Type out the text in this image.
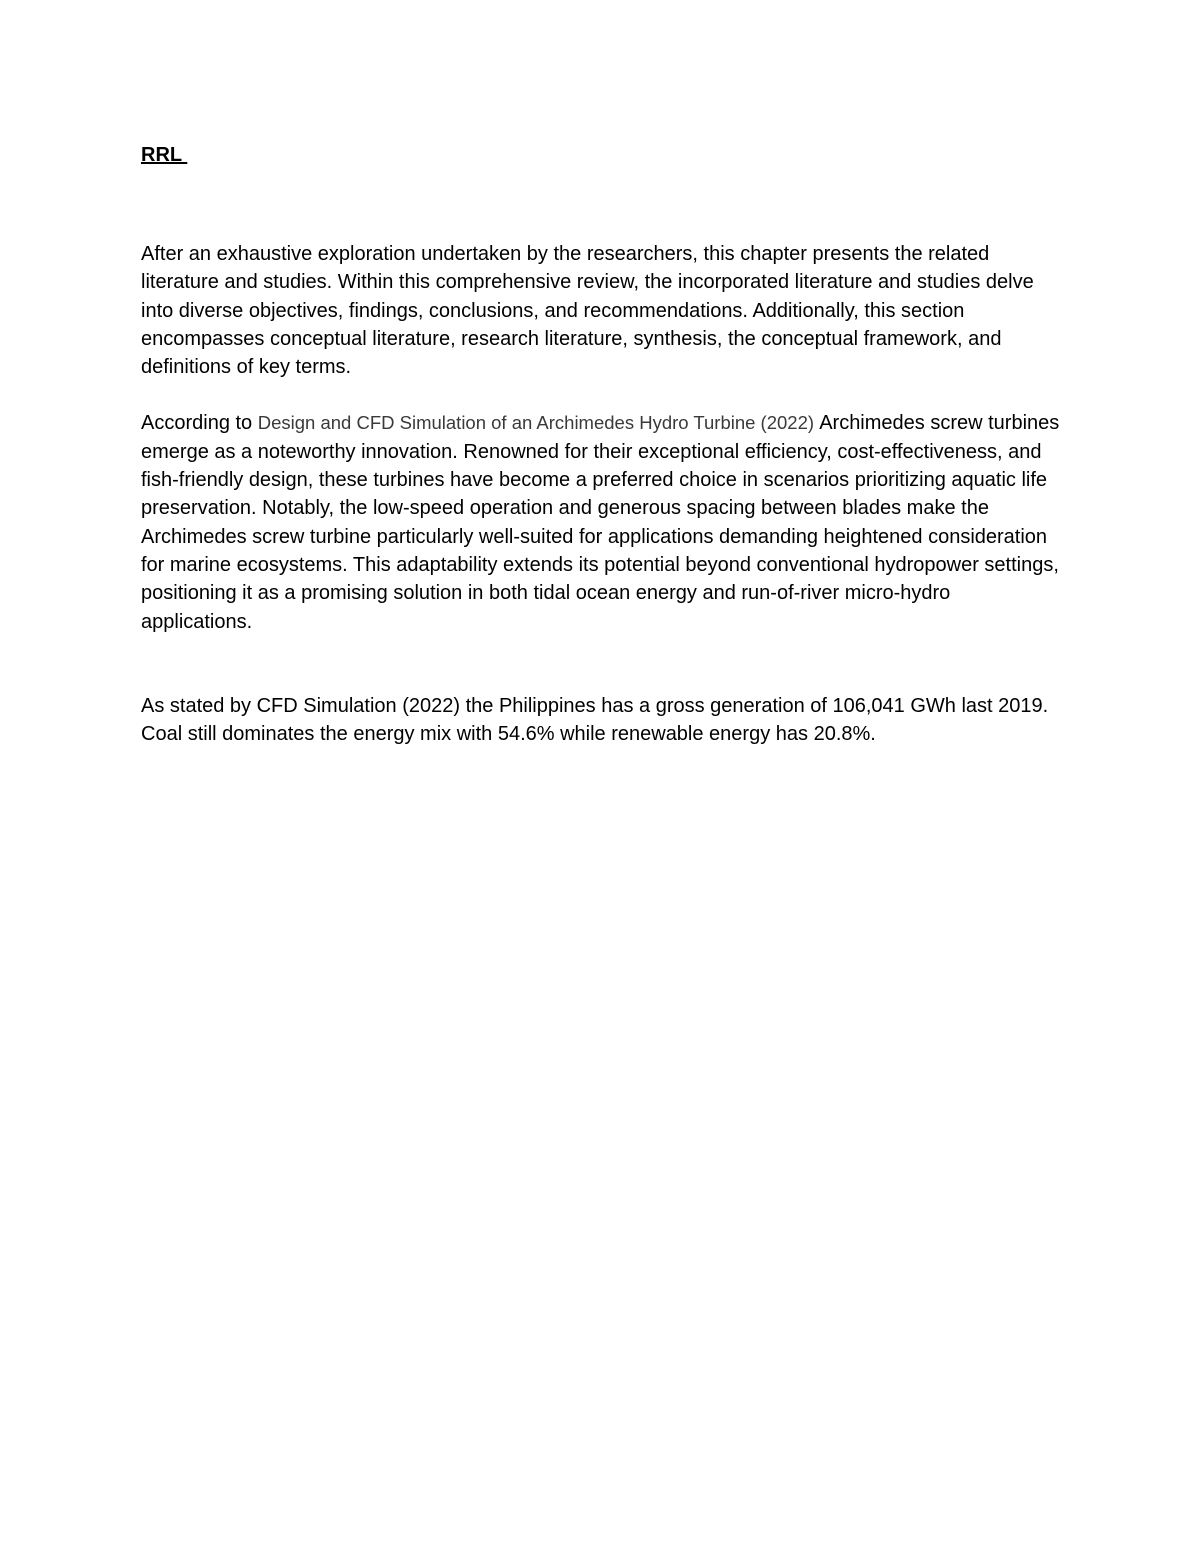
RRL

After an exhaustive exploration undertaken by the researchers, this chapter presents the related literature and studies. Within this comprehensive review, the incorporated literature and studies delve into diverse objectives, findings, conclusions, and recommendations. Additionally, this section encompasses conceptual literature, research literature, synthesis, the conceptual framework, and definitions of key terms.

According to Design and CFD Simulation of an Archimedes Hydro Turbine (2022) Archimedes screw turbines emerge as a noteworthy innovation. Renowned for their exceptional efficiency, cost-effectiveness, and fish-friendly design, these turbines have become a preferred choice in scenarios prioritizing aquatic life preservation. Notably, the low-speed operation and generous spacing between blades make the Archimedes screw turbine particularly well-suited for applications demanding heightened consideration for marine ecosystems. This adaptability extends its potential beyond conventional hydropower settings, positioning it as a promising solution in both tidal ocean energy and run-of-river micro-hydro applications.

As stated by CFD Simulation (2022) the Philippines has a gross generation of 106,041 GWh last 2019. Coal still dominates the energy mix with 54.6% while renewable energy has 20.8%.
